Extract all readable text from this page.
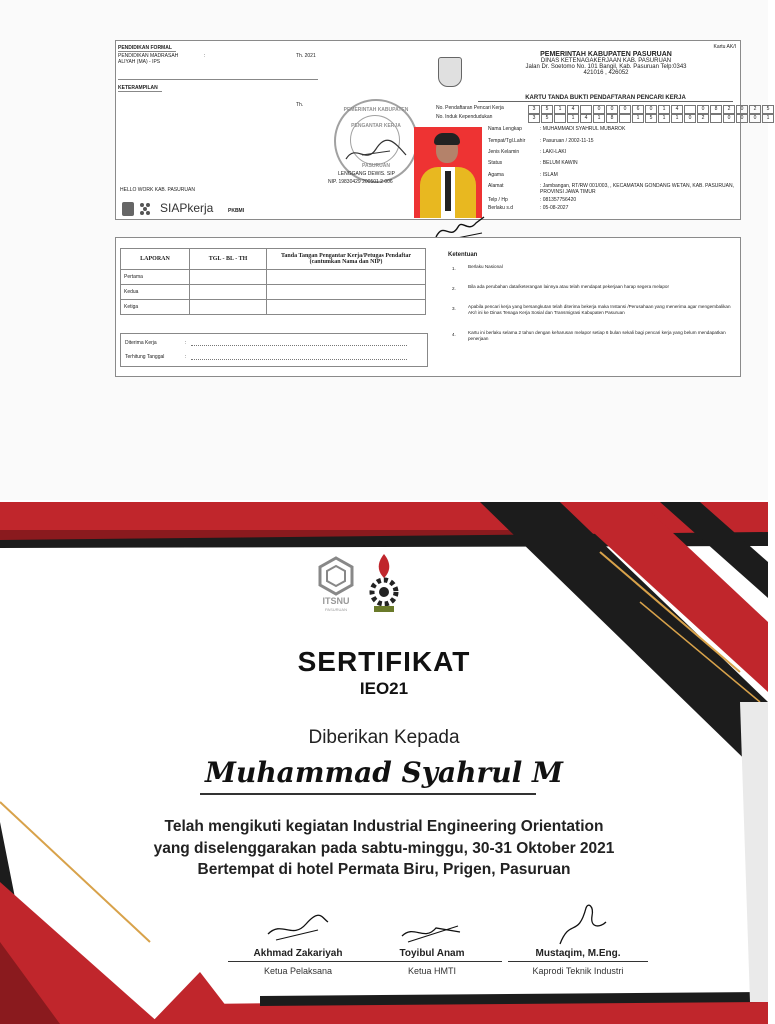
Kartu AK/I
PENDIDIKAN FORMAL
PENDIDIKAN MADRASAH	:	Th. 2021
ALIYAH (MA) - IPS
KETERAMPILAN
Th.
HELLO WORK KAB. PASURUAN
SIAPkerja	PKBMI
PEMERINTAH KABUPATEN
PENGANTAR KERJA
PASURUAN
LENGGANG DEWIS. SIP
NIP. 19830429 200501 2 006
PEMERINTAH KABUPATEN PASURUAN
DINAS KETENAGAKERJAAN KAB. PASURUAN
Jalan Dr. Soetomo No. 101 Bangil, Kab. Pasuruan Telp:0343
421016 , 426052
KARTU TANDA BUKTI PENDAFTARAN PENCARI KERJA
No. Pendaftaran Pencari Kerja	3	5	1	4	0	0	0	6	0	1	4	0	8	2	0	2	5
No. Induk Kependudukan	3	5	1	4	1	8	1	5	1	1	0	2	0	0	0	1
Nama Lengkap	: MUHAMMADI SYAHRUL MUBAROK
Tempat/Tgl.Lahir	: Pasuruan / 2002-11-15
Jenis Kelamin	: LAKI-LAKI
Status	: BELUM KAWIN
Agama	: ISLAM
Alamat	: Jambangan, RT/RW 001/003, , KECAMATAN GONDANG WETAN, KAB. PASURUAN, PROVINSI JAWA TIMUR
Telp / Hp	: 081357756420
Berlaku s.d	: 05-08-2027
LAPORAN	TGL - BL - TH	Tanda Tangan Pengantar Kerja/Petugas Pendaftar (cantumkan Nama dan NIP)
Pertama		
Kedua		
Ketiga		
Diterima Kerja	:
Terhitung Tanggal	:
Ketentuan
1.	Berlaku Nasional
2.	Bila ada perubahan data/keterangan lainnya atau telah mendapat pekerjaan harap segera melapor
3.	Apabila pencari kerja yang bersangkutan telah diterima bekerja maka Instansi /Perusahaan yang menerima agar mengembalikan AK/I ini ke Dinas Tenaga Kerja Sosial dan Transmigrasi Kabupaten Pasuruan
4.	Kartu ini berlaku selama 2 tahun dengan keharusan melapor setiap 6 bulan sekali bagi pencari kerja yang belum mendapatkan penerjaan
ITSNU
PASURUAN
SERTIFIKAT
IEO21
Diberikan Kepada
Muhammad Syahrul M
Telah mengikuti kegiatan Industrial Engineering Orientation
yang diselenggarakan pada sabtu-minggu, 30-31 Oktober 2021
Bertempat di hotel Permata Biru, Prigen, Pasuruan
Akhmad Zakariyah
Ketua Pelaksana
Toyibul Anam
Ketua HMTI
Mustaqim, M.Eng.
Kaprodi Teknik Industri
